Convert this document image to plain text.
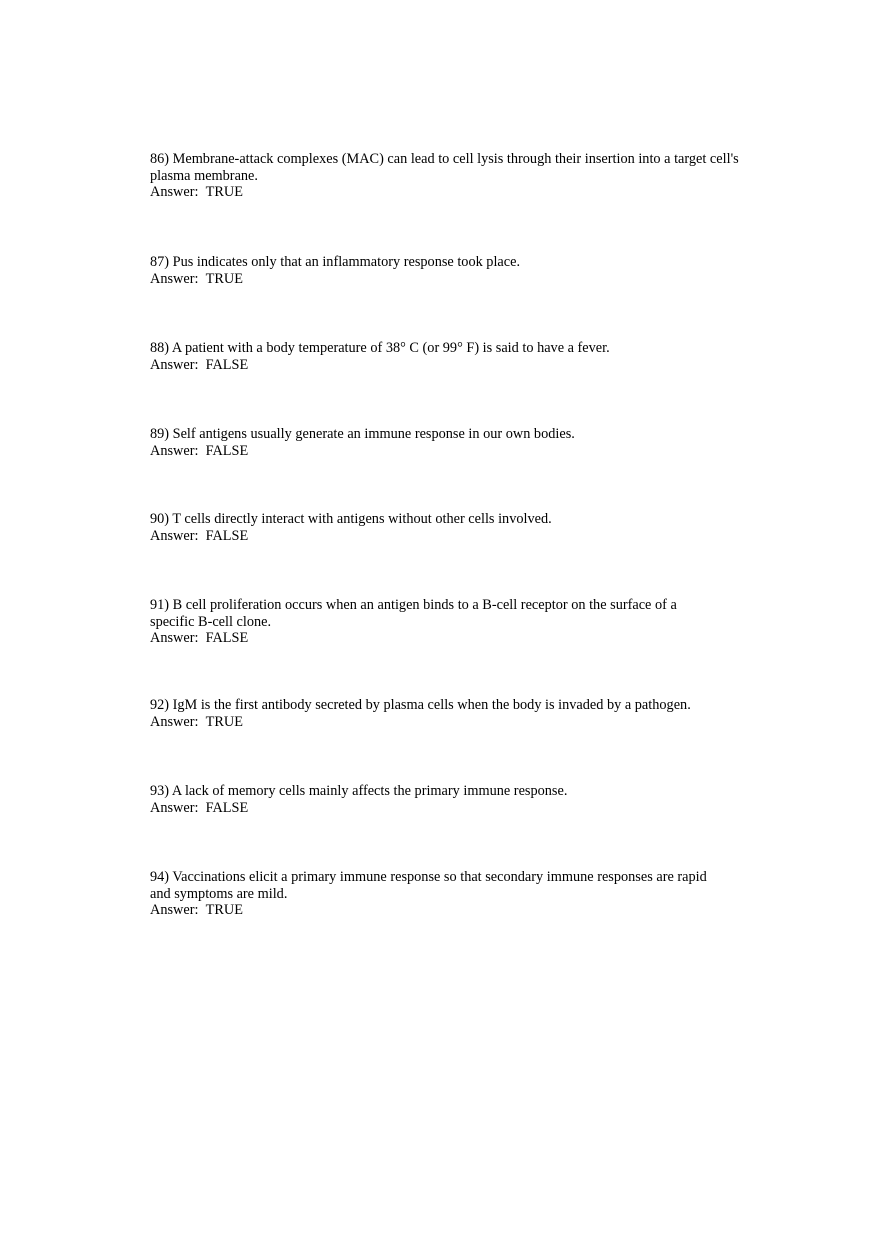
86) Membrane-attack complexes (MAC) can lead to cell lysis through their insertion into a target cell's plasma membrane.
Answer: TRUE
87) Pus indicates only that an inflammatory response took place.
Answer: TRUE
88) A patient with a body temperature of 38° C (or 99° F) is said to have a fever.
Answer: FALSE
89) Self antigens usually generate an immune response in our own bodies.
Answer: FALSE
90) T cells directly interact with antigens without other cells involved.
Answer: FALSE
91) B cell proliferation occurs when an antigen binds to a B-cell receptor on the surface of a specific B-cell clone.
Answer: FALSE
92) IgM is the first antibody secreted by plasma cells when the body is invaded by a pathogen.
Answer: TRUE
93) A lack of memory cells mainly affects the primary immune response.
Answer: FALSE
94) Vaccinations elicit a primary immune response so that secondary immune responses are rapid and symptoms are mild.
Answer: TRUE
